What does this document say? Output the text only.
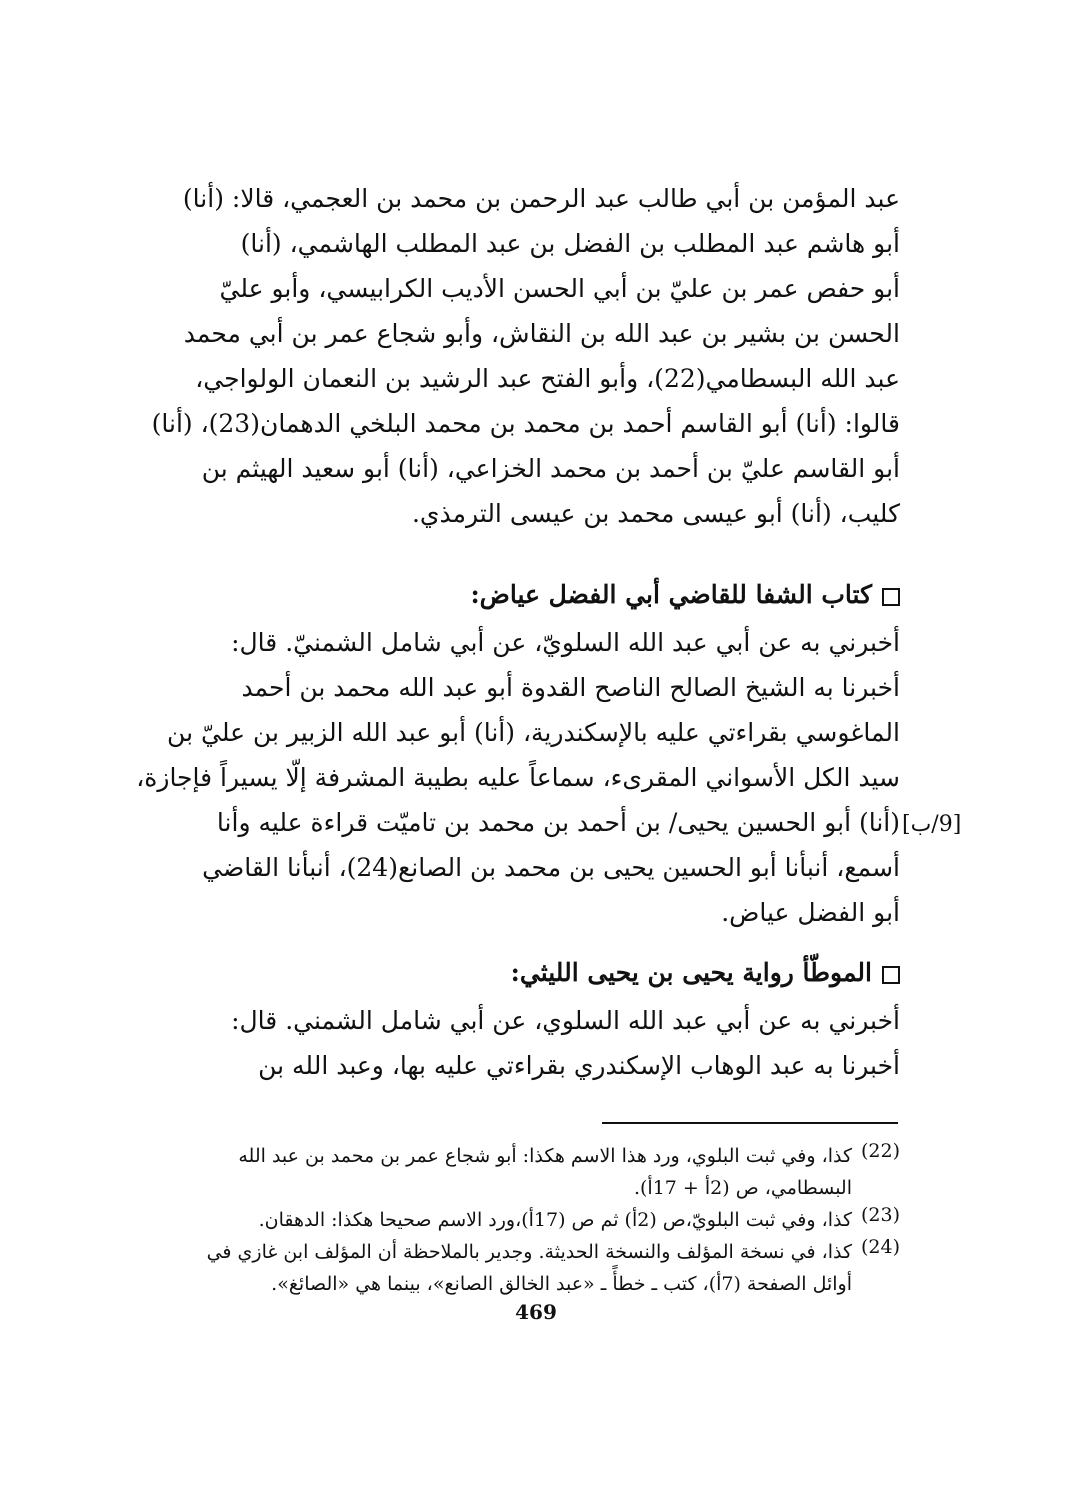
عبد المؤمن بن أبي طالب عبد الرحمن بن محمد بن العجمي، قالا: (أنا)
أبو هاشم عبد المطلب بن الفضل بن عبد المطلب الهاشمي، (أنا)
أبو حفص عمر بن عليّ بن أبي الحسن الأديب الكرابيسي، وأبو عليّ
الحسن بن بشير بن عبد الله بن النقاش، وأبو شجاع عمر بن أبي محمد
عبد الله البسطامي(22)، وأبو الفتح عبد الرشيد بن النعمان الولواجي،
قالوا: (أنا) أبو القاسم أحمد بن محمد بن محمد البلخي الدهمان(23)، (أنا)
أبو القاسم عليّ بن أحمد بن محمد الخزاعي، (أنا) أبو سعيد الهيثم بن
كليب، (أنا) أبو عيسى محمد بن عيسى الترمذي.
كتاب الشفا للقاضي أبي الفضل عياض:
أخبرني به عن أبي عبد الله السلويّ، عن أبي شامل الشمنيّ. قال:
أخبرنا به الشيخ الصالح الناصح القدوة أبو عبد الله محمد بن أحمد
الماغوسي بقراءتي عليه بالإسكندرية، (أنا) أبو عبد الله الزبير بن عليّ بن
سيد الكل الأسواني المقرىء، سماعاً عليه بطيبة المشرفة إلّا يسيراً فإجازة،
(أنا) أبو الحسين يحيى/ بن أحمد بن محمد بن تاميّت قراءة عليه وأنا
أسمع، أنبأنا أبو الحسين يحيى بن محمد بن الصانع(24)، أنبأنا القاضي
أبو الفضل عياض.
[9/ب]
الموطّأ رواية يحيى بن يحيى الليثي:
أخبرني به عن أبي عبد الله السلوي، عن أبي شامل الشمني. قال:
أخبرنا به عبد الوهاب الإسكندري بقراءتي عليه بها، وعبد الله بن
(22)
كذا، وفي ثبت البلوي، ورد هذا الاسم هكذا: أبو شجاع عمر بن محمد بن عبد الله
البسطامي، ص (2أ + 17أ).
(23)
كذا، وفي ثبت البلويّ،ص (2أ) ثم ص (17أ)،ورد الاسم صحيحا هكذا: الدهقان.
(24)
كذا، في نسخة المؤلف والنسخة الحديثة. وجدير بالملاحظة أن المؤلف ابن غازي في
أوائل الصفحة (7أ)، كتب ـ خطأً ـ «عبد الخالق الصانع»، بينما هي «الصائغ».
469
